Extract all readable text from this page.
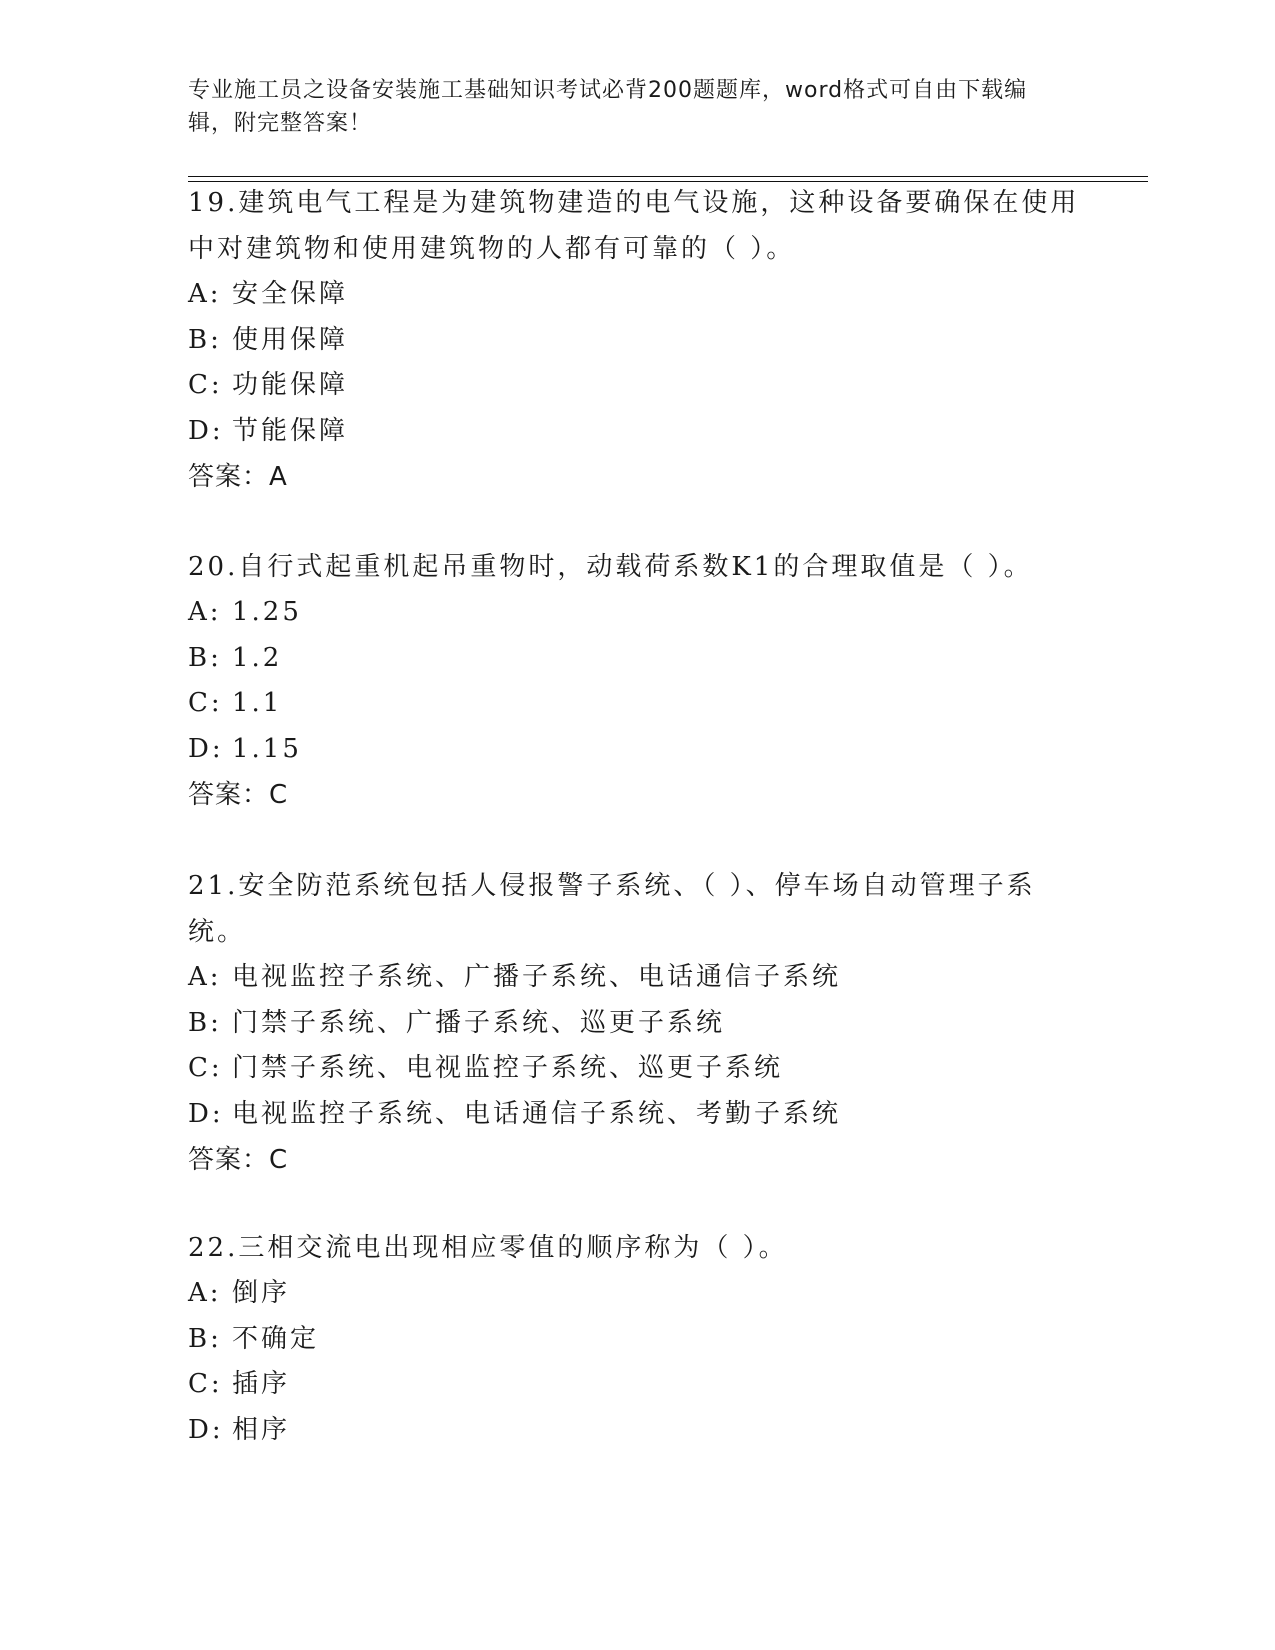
专业施工员之设备安装施工基础知识考试必背200题题库，word格式可自由下载编辑，附完整答案！

19.建筑电气工程是为建筑物建造的电气设施，这种设备要确保在使用中对建筑物和使用建筑物的人都有可靠的（ ）。

A: 安全保障

B: 使用保障

C: 功能保障

D: 节能保障

答案：A

20.自行式起重机起吊重物时，动载荷系数K1的合理取值是（ ）。

A: 1.25

B: 1.2

C: 1.1

D: 1.15

答案：C

21.安全防范系统包括人侵报警子系统、（ ）、停车场自动管理子系统。

A: 电视监控子系统、广播子系统、电话通信子系统

B: 门禁子系统、广播子系统、巡更子系统

C: 门禁子系统、电视监控子系统、巡更子系统

D: 电视监控子系统、电话通信子系统、考勤子系统

答案：C

22.三相交流电出现相应零值的顺序称为（ ）。

A: 倒序

B: 不确定

C: 插序

D: 相序
